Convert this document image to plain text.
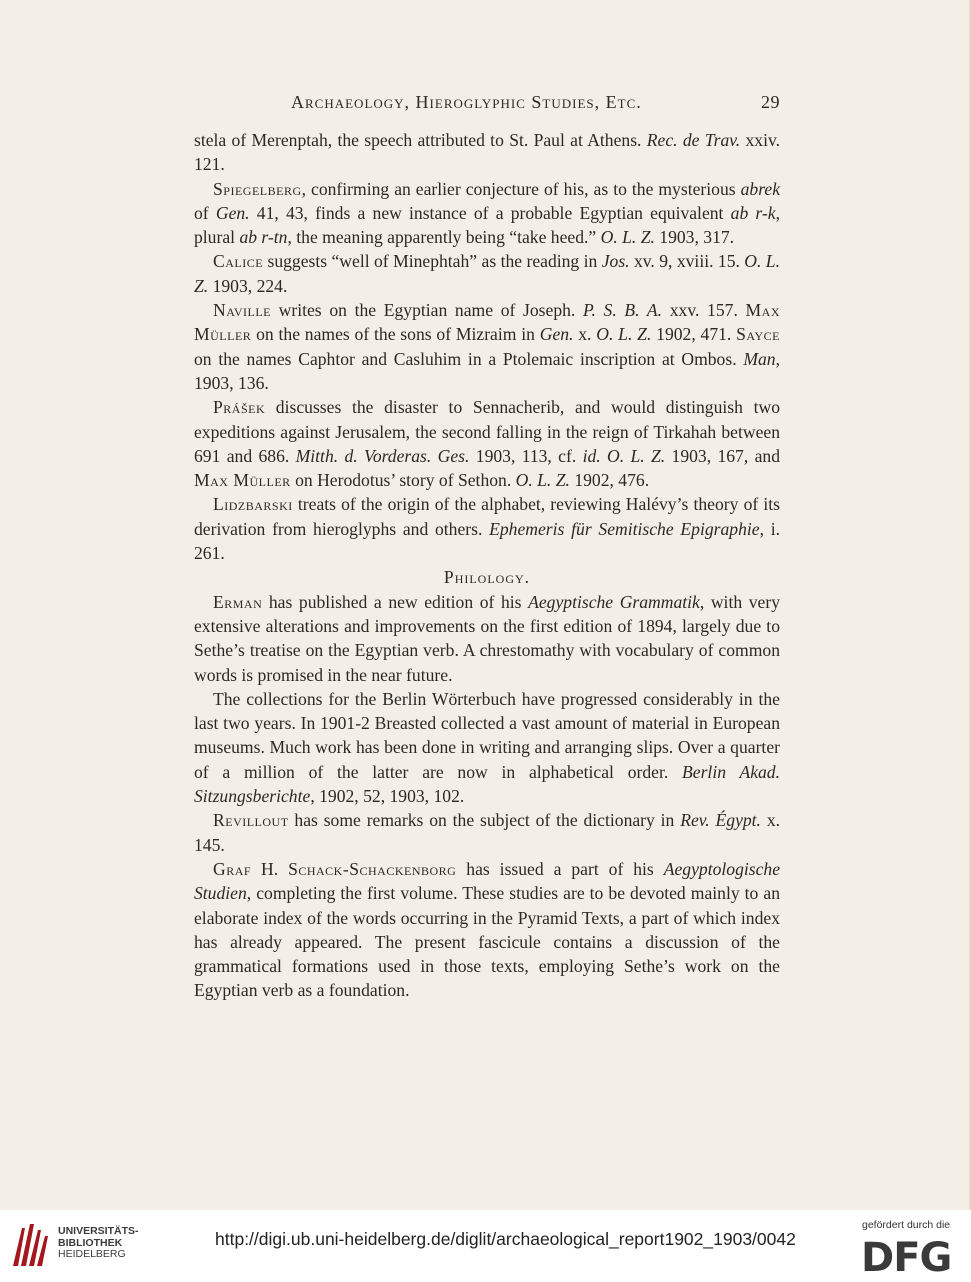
Archaeology, Hieroglyphic Studies, Etc.	29

stela of Merenptah, the speech attributed to St. Paul at Athens. Rec. de Trav. xxiv. 121.

Spiegelberg, confirming an earlier conjecture of his, as to the mysterious abrek of Gen. 41, 43, finds a new instance of a probable Egyptian equivalent ab r-k, plural ab r-tn, the meaning apparently being “take heed.” O. L. Z. 1903, 317.

Calice suggests “well of Minephtah” as the reading in Jos. xv. 9, xviii. 15. O. L. Z. 1903, 224.

Naville writes on the Egyptian name of Joseph. P. S. B. A. xxv. 157. Max Müller on the names of the sons of Mizraim in Gen. x. O. L. Z. 1902, 471. Sayce on the names Caphtor and Casluhim in a Ptolemaic inscription at Ombos. Man, 1903, 136.

Prášek discusses the disaster to Sennacherib, and would distinguish two expeditions against Jerusalem, the second falling in the reign of Tirkahah between 691 and 686. Mitth. d. Vorderas. Ges. 1903, 113, cf. id. O. L. Z. 1903, 167, and Max Müller on Herodotus’ story of Sethon. O. L. Z. 1902, 476.

Lidzbarski treats of the origin of the alphabet, reviewing Halévy’s theory of its derivation from hieroglyphs and others. Ephemeris für Semitische Epigraphie, i. 261.

Philology.

Erman has published a new edition of his Aegyptische Grammatik, with very extensive alterations and improvements on the first edition of 1894, largely due to Sethe’s treatise on the Egyptian verb. A chrestomathy with vocabulary of common words is promised in the near future.

The collections for the Berlin Wörterbuch have progressed considerably in the last two years. In 1901-2 Breasted collected a vast amount of material in European museums. Much work has been done in writing and arranging slips. Over a quarter of a million of the latter are now in alphabetical order. Berlin Akad. Sitzungsberichte, 1902, 52, 1903, 102.

Revillout has some remarks on the subject of the dictionary in Rev. Égypt. x. 145.

Graf H. Schack-Schackenborg has issued a part of his Aegyptologische Studien, completing the first volume. These studies are to be devoted mainly to an elaborate index of the words occurring in the Pyramid Texts, a part of which index has already appeared. The present fascicule contains a discussion of the grammatical formations used in those texts, employing Sethe’s work on the Egyptian verb as a foundation.

UNIVERSITÄTS-
BIBLIOTHEK
HEIDELBERG
http://digi.ub.uni-heidelberg.de/diglit/archaeological_report1902_1903/0042
gefördert durch die
DFG
